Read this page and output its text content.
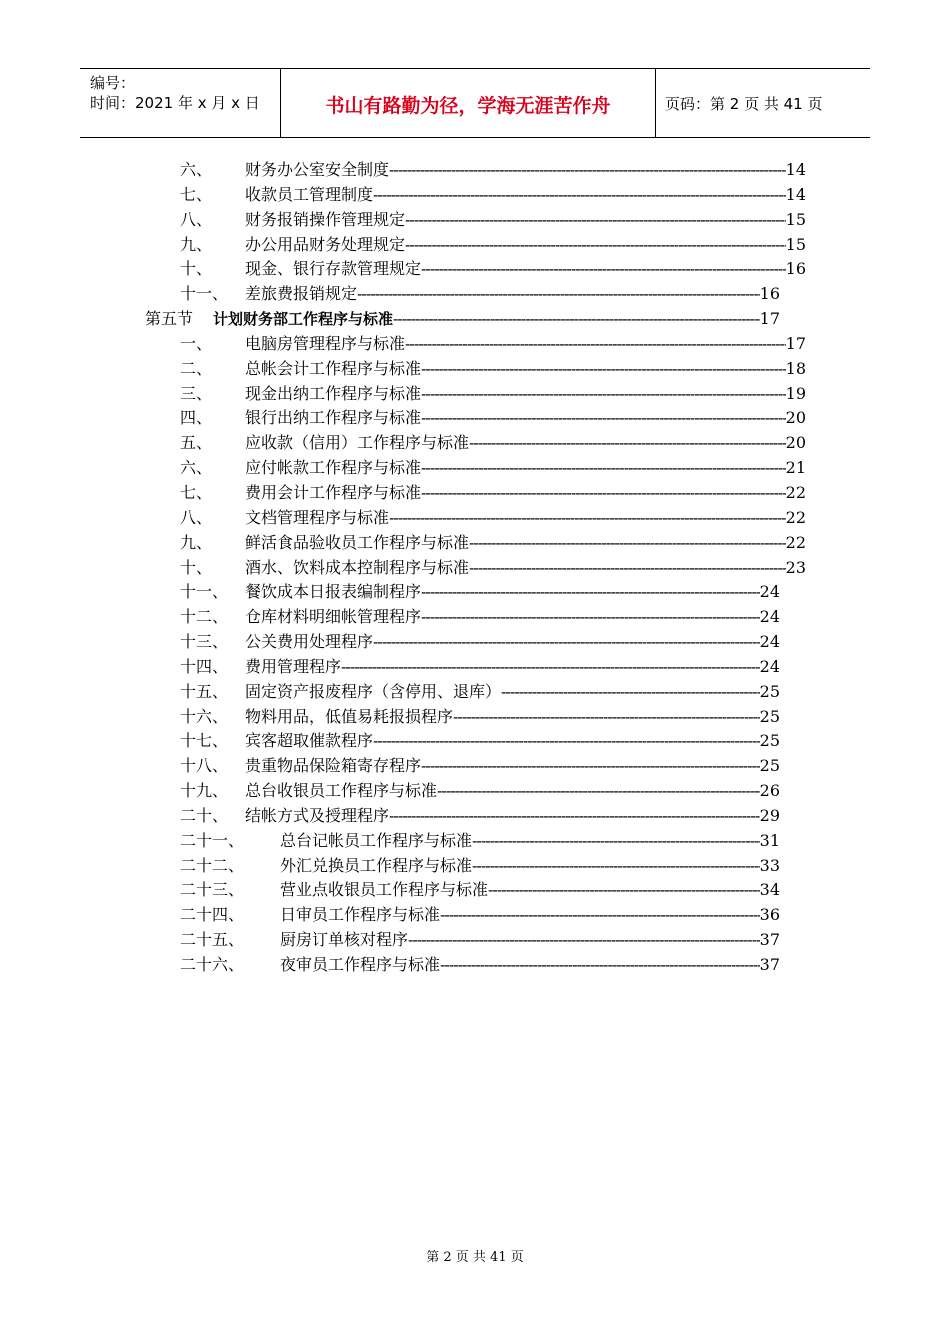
编号：
时间：2021 年 x 月 x 日	书山有路勤为径，学海无涯苦作舟	页码：第 2 页 共 41 页
六、 财务办公室安全制度 -----	14
七、 收款员工管理制度 -----	14
八、 财务报销操作管理规定 -----	15
九、 办公用品财务处理规定 -----	15
十、 现金、银行存款管理规定 -----	16
十一、 差旅费报销规定 -----	16
第五节 计划财务部工作程序与标准 -----	17
一、 电脑房管理程序与标准 -----	17
二、 总帐会计工作程序与标准 -----	18
三、 现金出纳工作程序与标准 -----	19
四、 银行出纳工作程序与标准 -----	20
五、 应收款（信用）工作程序与标准 -----	20
六、 应付帐款工作程序与标准 -----	21
七、 费用会计工作程序与标准 -----	22
八、 文档管理程序与标准 -----	22
九、 鲜活食品验收员工作程序与标准 -----	22
十、 酒水、饮料成本控制程序与标准 -----	23
十一、 餐饮成本日报表编制程序 -----	24
十二、 仓库材料明细帐管理程序 -----	24
十三、 公关费用处理程序 -----	24
十四、 费用管理程序 -----	24
十五、 固定资产报废程序（含停用、退库） -----	25
十六、 物料用品，低值易耗报损程序 -----	25
十七、 宾客超取催款程序 -----	25
十八、 贵重物品保险箱寄存程序 -----	25
十九、 总台收银员工作程序与标准 -----	26
二十、 结帐方式及授理程序 -----	29
二十一、 总台记帐员工作程序与标准 -----	31
二十二、 外汇兑换员工作程序与标准 -----	33
二十三、 营业点收银员工作程序与标准 -----	34
二十四、 日审员工作程序与标准 -----	36
二十五、 厨房订单核对程序 -----	37
二十六、 夜审员工作程序与标准 -----	37
第 2 页 共 41 页
